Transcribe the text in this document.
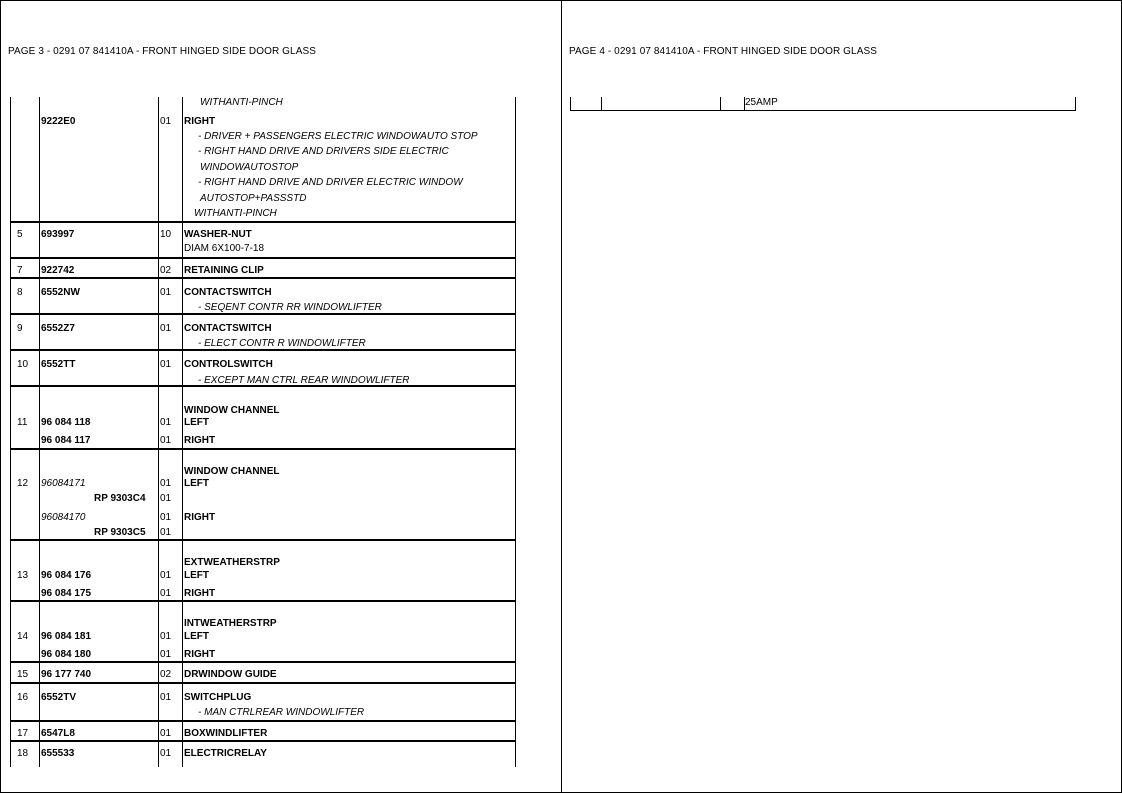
PAGE 3 - 0291 07 841410A - FRONT HINGED SIDE DOOR GLASS
WITHANTI-PINCH
9222E0	01 RIGHT
- DRIVER + PASSENGERS ELECTRIC WINDOWAUTO STOP
- RIGHT HAND DRIVE AND DRIVERS SIDE ELECTRIC
WINDOWAUTOSTOP
- RIGHT HAND DRIVE AND DRIVER ELECTRIC WINDOW
AUTOSTOP+PASSSTD
WITHANTI-PINCH
5 693997	10 WASHER-NUT
DIAM 6X100-7-18
7 922742	02 RETAINING CLIP
8 6552NW	01 CONTACTSWITCH
- SEQENT CONTR RR WINDOWLIFTER
9 6552Z7	01 CONTACTSWITCH
- ELECT CONTR R WINDOWLIFTER
10 6552TT	01 CONTROLSWITCH
- EXCEPT MAN CTRL REAR WINDOWLIFTER
WINDOW CHANNEL
11 96 084 118	01 LEFT
96 084 117	01 RIGHT
WINDOW CHANNEL
12 96084171	01 LEFT
RP 9303C4 01
96084170	01 RIGHT
RP 9303C5 01
EXTWEATHERSTRP
13 96 084 176	01 LEFT
96 084 175	01 RIGHT
INTWEATHERSTRP
14 96 084 181	01 LEFT
96 084 180	01 RIGHT
15 96 177 740	02 DRWINDOW GUIDE
16 6552TV	01 SWITCHPLUG
- MAN CTRLREAR WINDOWLIFTER
17 6547L8	01 BOXWINDLIFTER
18 655533	01 ELECTRICRELAY
PAGE 4 - 0291 07 841410A - FRONT HINGED SIDE DOOR GLASS
25AMP
